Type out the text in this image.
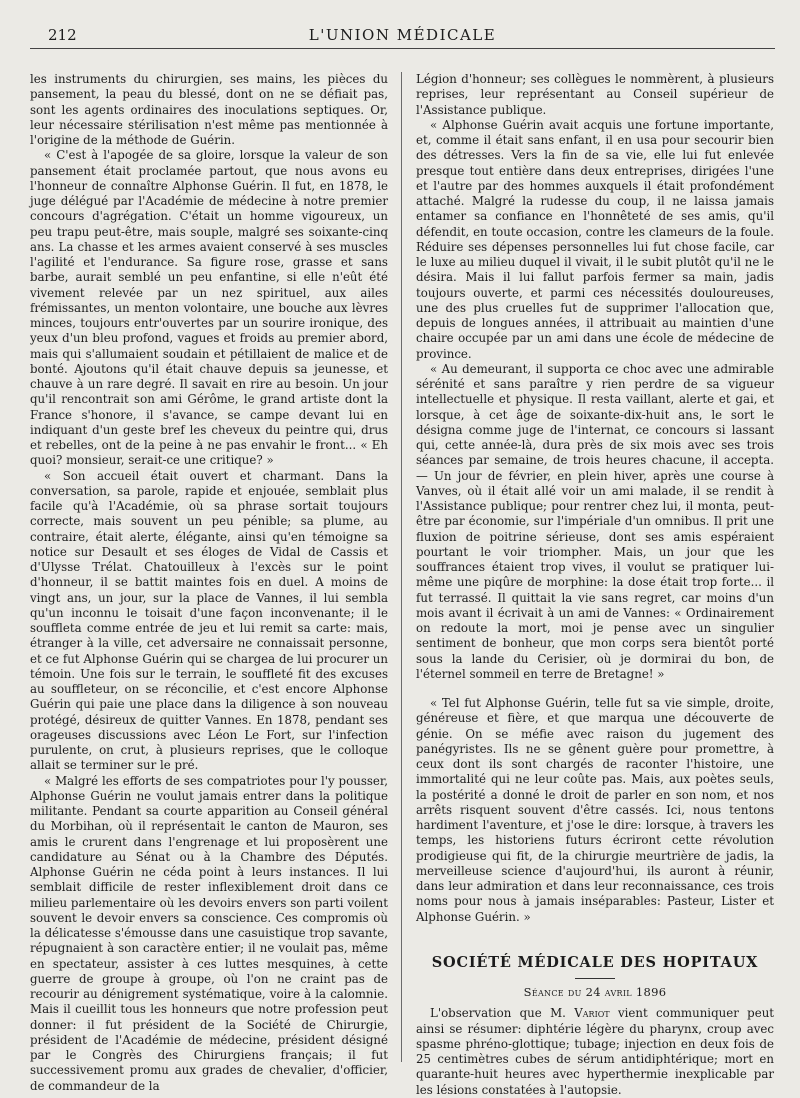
212	L'UNION MÉDICALE

les instruments du chirurgien, ses mains, les pièces du pansement, la peau du blessé, dont on ne se défiait pas, sont les agents ordinaires des inoculations septiques. Or, leur nécessaire stérilisation n'est même pas mentionnée à l'origine de la méthode de Guérin.

« C'est à l'apogée de sa gloire, lorsque la valeur de son pansement était proclamée partout, que nous avons eu l'honneur de connaître Alphonse Guérin. Il fut, en 1878, le juge délégué par l'Académie de médecine à notre premier concours d'agrégation. C'était un homme vigoureux, un peu trapu peut-être, mais souple, malgré ses soixante-cinq ans. La chasse et les armes avaient conservé à ses muscles l'agilité et l'endurance. Sa figure rose, grasse et sans barbe, aurait semblé un peu enfantine, si elle n'eût été vivement relevée par un nez spirituel, aux ailes frémissantes, un menton volontaire, une bouche aux lèvres minces, toujours entr'ouvertes par un sourire ironique, des yeux d'un bleu profond, vagues et froids au premier abord, mais qui s'allumaient soudain et pétillaient de malice et de bonté. Ajoutons qu'il était chauve depuis sa jeunesse, et chauve à un rare degré. Il savait en rire au besoin. Un jour qu'il rencontrait son ami Gérôme, le grand artiste dont la France s'honore, il s'avance, se campe devant lui en indiquant d'un geste bref les cheveux du peintre qui, drus et rebelles, ont de la peine à ne pas envahir le front... « Eh quoi? monsieur, serait-ce une critique? »

« Son accueil était ouvert et charmant. Dans la conversation, sa parole, rapide et enjouée, semblait plus facile qu'à l'Académie, où sa phrase sortait toujours correcte, mais souvent un peu pénible; sa plume, au contraire, était alerte, élégante, ainsi qu'en témoigne sa notice sur Desault et ses éloges de Vidal de Cassis et d'Ulysse Trélat. Chatouilleux à l'excès sur le point d'honneur, il se battit maintes fois en duel. A moins de vingt ans, un jour, sur la place de Vannes, il lui sembla qu'un inconnu le toisait d'une façon inconvenante; il le souffleta comme entrée de jeu et lui remit sa carte: mais, étranger à la ville, cet adversaire ne connaissait personne, et ce fut Alphonse Guérin qui se chargea de lui procurer un témoin. Une fois sur le terrain, le souffleté fit des excuses au souffleteur, on se réconcilie, et c'est encore Alphonse Guérin qui paie une place dans la diligence à son nouveau protégé, désireux de quitter Vannes. En 1878, pendant ses orageuses discussions avec Léon Le Fort, sur l'infection purulente, on crut, à plusieurs reprises, que le colloque allait se terminer sur le pré.

« Malgré les efforts de ses compatriotes pour l'y pousser, Alphonse Guérin ne voulut jamais entrer dans la politique militante. Pendant sa courte apparition au Conseil général du Morbihan, où il représentait le canton de Mauron, ses amis le crurent dans l'engrenage et lui proposèrent une candidature au Sénat ou à la Chambre des Députés. Alphonse Guérin ne céda point à leurs instances. Il lui semblait difficile de rester inflexiblement droit dans ce milieu parlementaire où les devoirs envers son parti voilent souvent le devoir envers sa conscience. Ces compromis où la délicatesse s'émousse dans une casuistique trop savante, répugnaient à son caractère entier; il ne voulait pas, même en spectateur, assister à ces luttes mesquines, à cette guerre de groupe à groupe, où l'on ne craint pas de recourir au dénigrement systématique, voire à la calomnie. Mais il cueillit tous les honneurs que notre profession peut donner: il fut président de la Société de Chirurgie, président de l'Académie de médecine, président désigné par le Congrès des Chirurgiens français; il fut successivement promu aux grades de chevalier, d'officier, de commandeur de la

Légion d'honneur; ses collègues le nommèrent, à plusieurs reprises, leur représentant au Conseil supérieur de l'Assistance publique.

« Alphonse Guérin avait acquis une fortune importante, et, comme il était sans enfant, il en usa pour secourir bien des détresses. Vers la fin de sa vie, elle lui fut enlevée presque tout entière dans deux entreprises, dirigées l'une et l'autre par des hommes auxquels il était profondément attaché. Malgré la rudesse du coup, il ne laissa jamais entamer sa confiance en l'honnêteté de ses amis, qu'il défendit, en toute occasion, contre les clameurs de la foule. Réduire ses dépenses personnelles lui fut chose facile, car le luxe au milieu duquel il vivait, il le subit plutôt qu'il ne le désira. Mais il lui fallut parfois fermer sa main, jadis toujours ouverte, et parmi ces nécessités douloureuses, une des plus cruelles fut de supprimer l'allocation que, depuis de longues années, il attribuait au maintien d'une chaire occupée par un ami dans une école de médecine de province.

« Au demeurant, il supporta ce choc avec une admirable sérénité et sans paraître y rien perdre de sa vigueur intellectuelle et physique. Il resta vaillant, alerte et gai, et lorsque, à cet âge de soixante-dix-huit ans, le sort le désigna comme juge de l'internat, ce concours si lassant qui, cette année-là, dura près de six mois avec ses trois séances par semaine, de trois heures chacune, il accepta. — Un jour de février, en plein hiver, après une course à Vanves, où il était allé voir un ami malade, il se rendit à l'Assistance publique; pour rentrer chez lui, il monta, peut-être par économie, sur l'impériale d'un omnibus. Il prit une fluxion de poitrine sérieuse, dont ses amis espéraient pourtant le voir triompher. Mais, un jour que les souffrances étaient trop vives, il voulut se pratiquer lui-même une piqûre de morphine: la dose était trop forte... il fut terrassé. Il quittait la vie sans regret, car moins d'un mois avant il écrivait à un ami de Vannes: « Ordinairement on redoute la mort, moi je pense avec un singulier sentiment de bonheur, que mon corps sera bientôt porté sous la lande du Cerisier, où je dormirai du bon, de l'éternel sommeil en terre de Bretagne! »

« Tel fut Alphonse Guérin, telle fut sa vie simple, droite, généreuse et fière, et que marqua une découverte de génie. On se méfie avec raison du jugement des panégyristes. Ils ne se gênent guère pour promettre, à ceux dont ils sont chargés de raconter l'histoire, une immortalité qui ne leur coûte pas. Mais, aux poètes seuls, la postérité a donné le droit de parler en son nom, et nos arrêts risquent souvent d'être cassés. Ici, nous tentons hardiment l'aventure, et j'ose le dire: lorsque, à travers les temps, les historiens futurs écriront cette révolution prodigieuse qui fit, de la chirurgie meurtrière de jadis, la merveilleuse science d'aujourd'hui, ils auront à réunir, dans leur admiration et dans leur reconnaissance, ces trois noms pour nous à jamais inséparables: Pasteur, Lister et Alphonse Guérin. »

SOCIÉTÉ MÉDICALE DES HOPITAUX
Séance du 24 avril 1896

L'observation que M. Variot vient communiquer peut ainsi se résumer: diphtérie légère du pharynx, croup avec spasme phréno-glottique; tubage; injection en deux fois de 25 centimètres cubes de sérum antidiphtérique; mort en quarante-huit heures avec hyperthermie inexplicable par les lésions constatées à l'autopsie.
